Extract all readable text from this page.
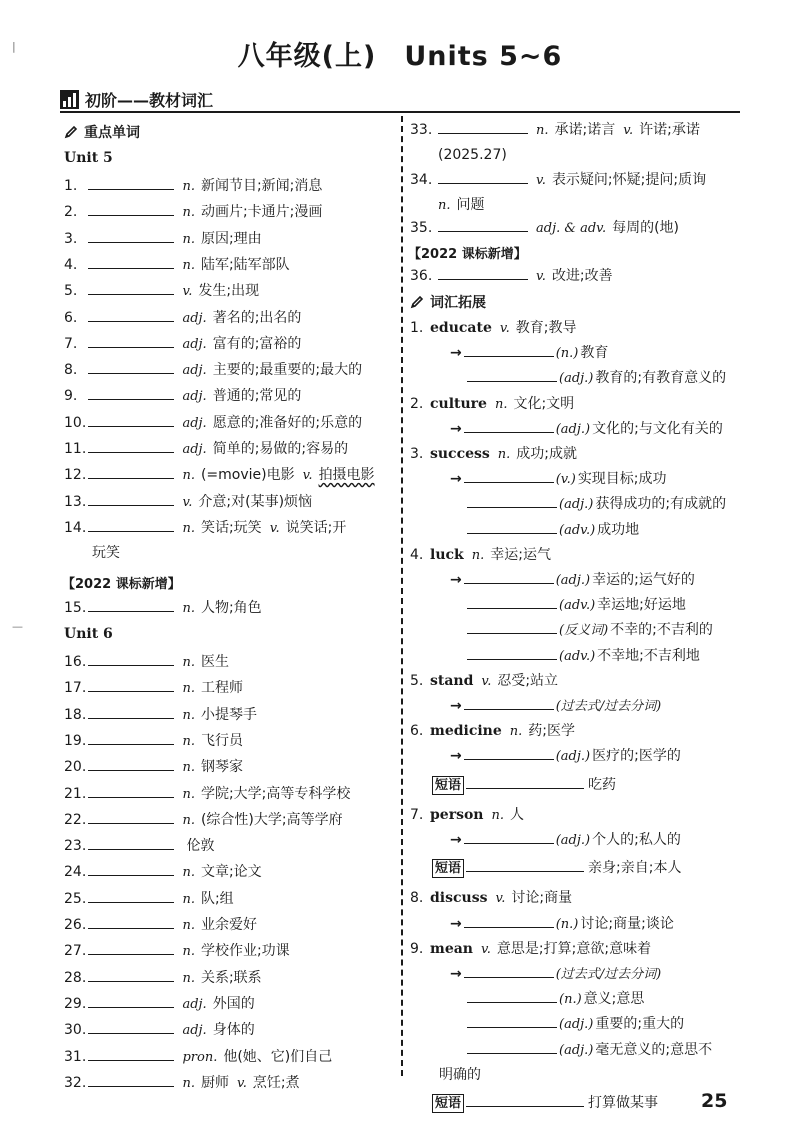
八年级(上)　Units 5~6
初阶——教材词汇
重点单词
Unit 5
1.	n. 新闻节目;新闻;消息
2.	n. 动画片;卡通片;漫画
3.	n. 原因;理由
4.	n. 陆军;陆军部队
5.	v. 发生;出现
6.	adj. 著名的;出名的
7.	adj. 富有的;富裕的
8.	adj. 主要的;最重要的;最大的
9.	adj. 普通的;常见的
10.	adj. 愿意的;准备好的;乐意的
11.	adj. 简单的;易做的;容易的
12.	n. (=movie)电影 v. 拍摄电影
13.	v. 介意;对(某事)烦恼
14.	n. 笑话;玩笑 v. 说笑话;开
玩笑
15.	n. 人物;角色
16.	n. 医生
17.	n. 工程师
18.	n. 小提琴手
19.	n. 飞行员
20.	n. 钢琴家
21.	n. 学院;大学;高等专科学校
22.	n. (综合性)大学;高等学府
23.	伦敦
24.	n. 文章;论文
25.	n. 队;组
26.	n. 业余爱好
27.	n. 学校作业;功课
28.	n. 关系;联系
29.	adj. 外国的
30.	adj. 身体的
31.	pron. 他(她、它)们自己
32.	n. 厨师 v. 烹饪;煮
【2022 课标新增】
Unit 6
33.	n. 承诺;诺言 v. 许诺;承诺
(2025.27)
34.	v. 表示疑问;怀疑;提问;质询
n. 问题
35.	adj. & adv. 每周的(地)
36.	v. 改进;改善
【2022 课标新增】
词汇拓展
1. educate v. 教育;教导
→	(n.) 教育
(adj.) 教育的;有教育意义的
2. culture n. 文化;文明
→	(adj.) 文化的;与文化有关的
3. success n. 成功;成就
→	(v.) 实现目标;成功
(adj.) 获得成功的;有成就的
(adv.) 成功地
4. luck n. 幸运;运气
→	(adj.) 幸运的;运气好的
(adv.) 幸运地;好运地
(反义词) 不幸的;不吉利的
(adv.) 不幸地;不吉利地
5. stand v. 忍受;站立
→	(过去式/过去分词)
6. medicine n. 药;医学
→	(adj.) 医疗的;医学的
短语	吃药
7. person n. 人
→	(adj.) 个人的;私人的
短语	亲身;亲自;本人
8. discuss v. 讨论;商量
→	(n.) 讨论;商量;谈论
9. mean v. 意思是;打算;意欲;意味着
→	(过去式/过去分词)
(n.) 意义;意思
(adj.) 重要的;重大的
(adj.) 毫无意义的;意思不
明确的
短语	打算做某事 25
|
—
